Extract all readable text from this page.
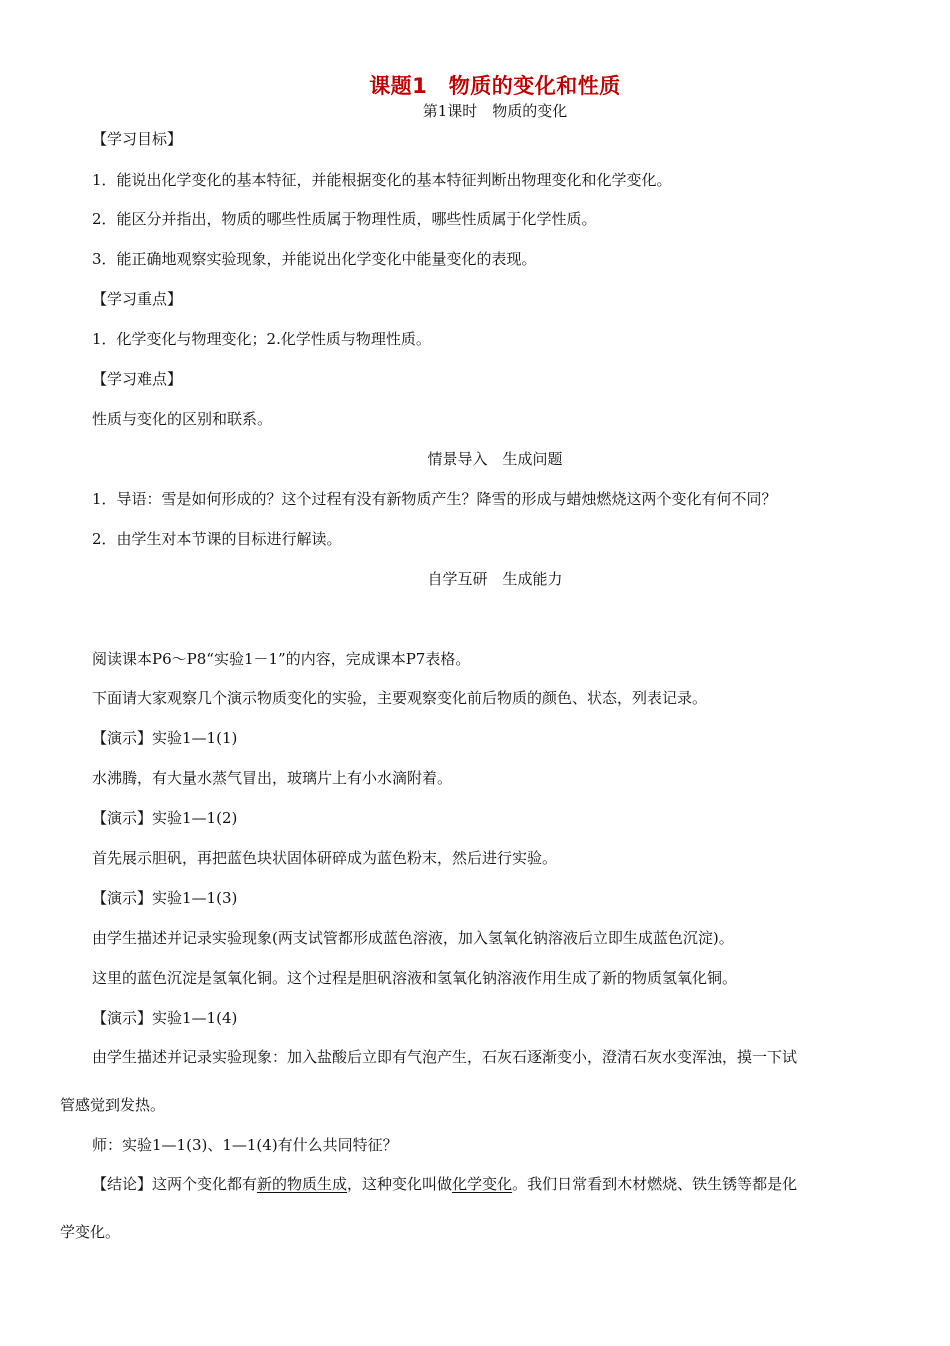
课题1　物质的变化和性质
第1课时　物质的变化
【学习目标】
1．能说出化学变化的基本特征，并能根据变化的基本特征判断出物理变化和化学变化。
2．能区分并指出，物质的哪些性质属于物理性质，哪些性质属于化学性质。
3．能正确地观察实验现象，并能说出化学变化中能量变化的表现。
【学习重点】
1．化学变化与物理变化；2.化学性质与物理性质。
【学习难点】
性质与变化的区别和联系。
情景导入　生成问题
1．导语：雪是如何形成的？这个过程有没有新物质产生？降雪的形成与蜡烛燃烧这两个变化有何不同？
2．由学生对本节课的目标进行解读。
自学互研　生成能力
阅读课本P6～P8“实验1－1”的内容，完成课本P7表格。
下面请大家观察几个演示物质变化的实验，主要观察变化前后物质的颜色、状态，列表记录。
【演示】实验1—1(1)
水沸腾，有大量水蒸气冒出，玻璃片上有小水滴附着。
【演示】实验1—1(2)
首先展示胆矾，再把蓝色块状固体研碎成为蓝色粉末，然后进行实验。
【演示】实验1—1(3)
由学生描述并记录实验现象(两支试管都形成蓝色溶液，加入氢氧化钠溶液后立即生成蓝色沉淀)。
这里的蓝色沉淀是氢氧化铜。这个过程是胆矾溶液和氢氧化钠溶液作用生成了新的物质氢氧化铜。
【演示】实验1—1(4)
由学生描述并记录实验现象：加入盐酸后立即有气泡产生，石灰石逐渐变小，澄清石灰水变浑浊，摸一下试
管感觉到发热。
师：实验1—1(3)、1—1(4)有什么共同特征？
【结论】这两个变化都有新的物质生成，这种变化叫做化学变化。我们日常看到木材燃烧、铁生锈等都是化
学变化。
